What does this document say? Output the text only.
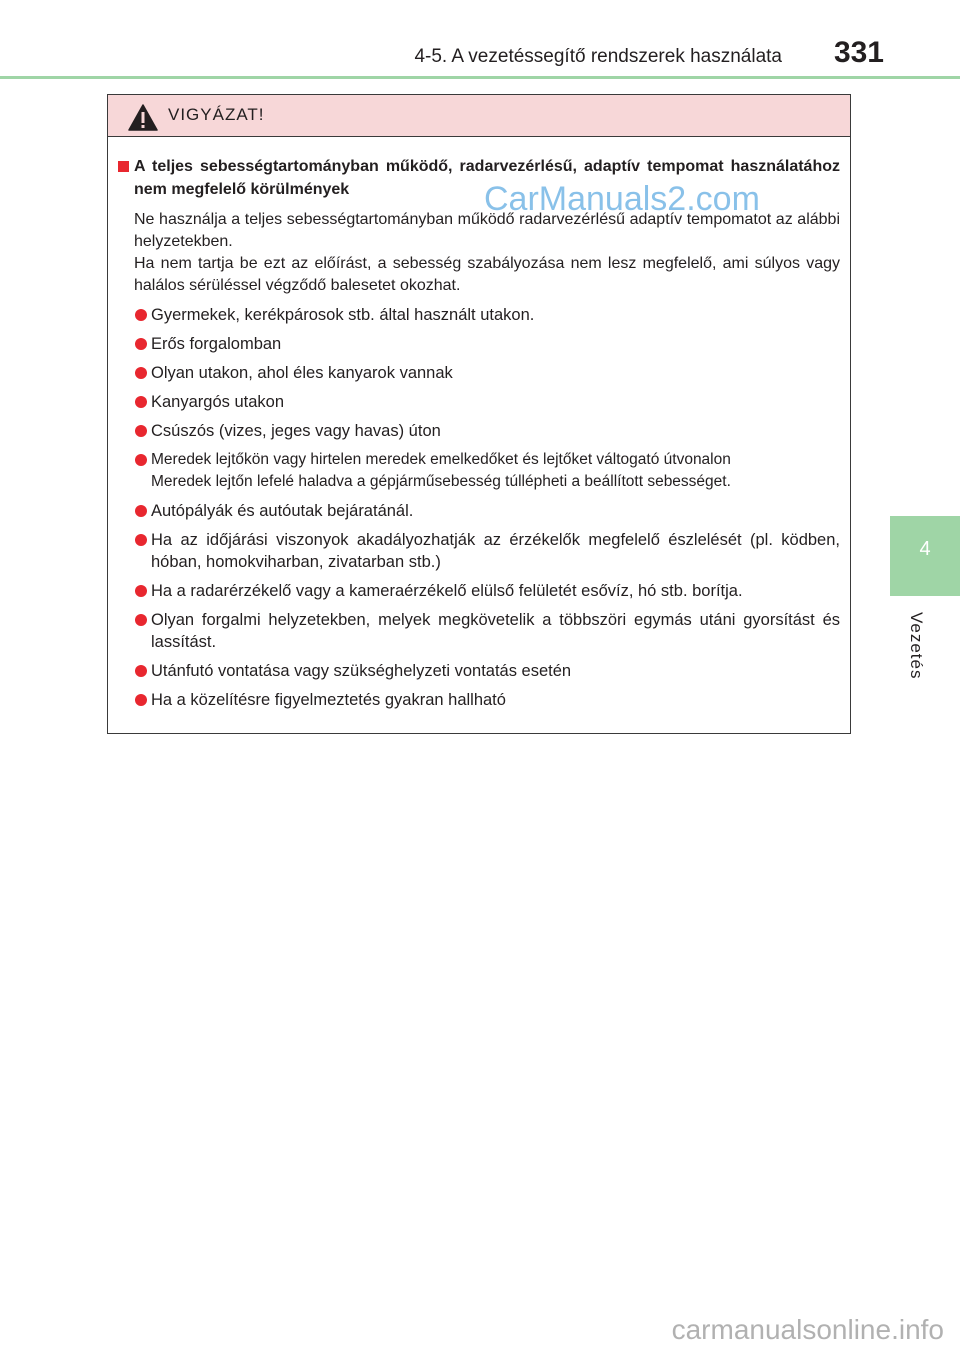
4-5. A vezetéssegítő rendszerek használata 331
4
Vezetés
VIGYÁZAT!
A teljes sebességtartományban működő, radarvezérlésű, adaptív tempomat használatához nem megfelelő körülmények
Ne használja a teljes sebességtartományban működő radarvezérlésű adaptív tempomatot az alábbi helyzetekben.
Ha nem tartja be ezt az előírást, a sebesség szabályozása nem lesz megfelelő, ami súlyos vagy halálos sérüléssel végződő balesetet okozhat.
Gyermekek, kerékpárosok stb. által használt utakon.
Erős forgalomban
Olyan utakon, ahol éles kanyarok vannak
Kanyargós utakon
Csúszós (vizes, jeges vagy havas) úton
Meredek lejtőkön vagy hirtelen meredek emelkedőket és lejtőket váltogató útvonalon
Meredek lejtőn lefelé haladva a gépjárműsebesség túllépheti a beállított sebességet.
Autópályák és autóutak bejáratánál.
Ha az időjárási viszonyok akadályozhatják az érzékelők megfelelő észlelését (pl. ködben, hóban, homokviharban, zivatarban stb.)
Ha a radarérzékelő vagy a kameraérzékelő elülső felületét esővíz, hó stb. borítja.
Olyan forgalmi helyzetekben, melyek megkövetelik a többszöri egymás utáni gyorsítást és lassítást.
Utánfutó vontatása vagy szükséghelyzeti vontatás esetén
Ha a közelítésre figyelmeztetés gyakran hallható
CarManuals2.com
carmanualsonline.info
